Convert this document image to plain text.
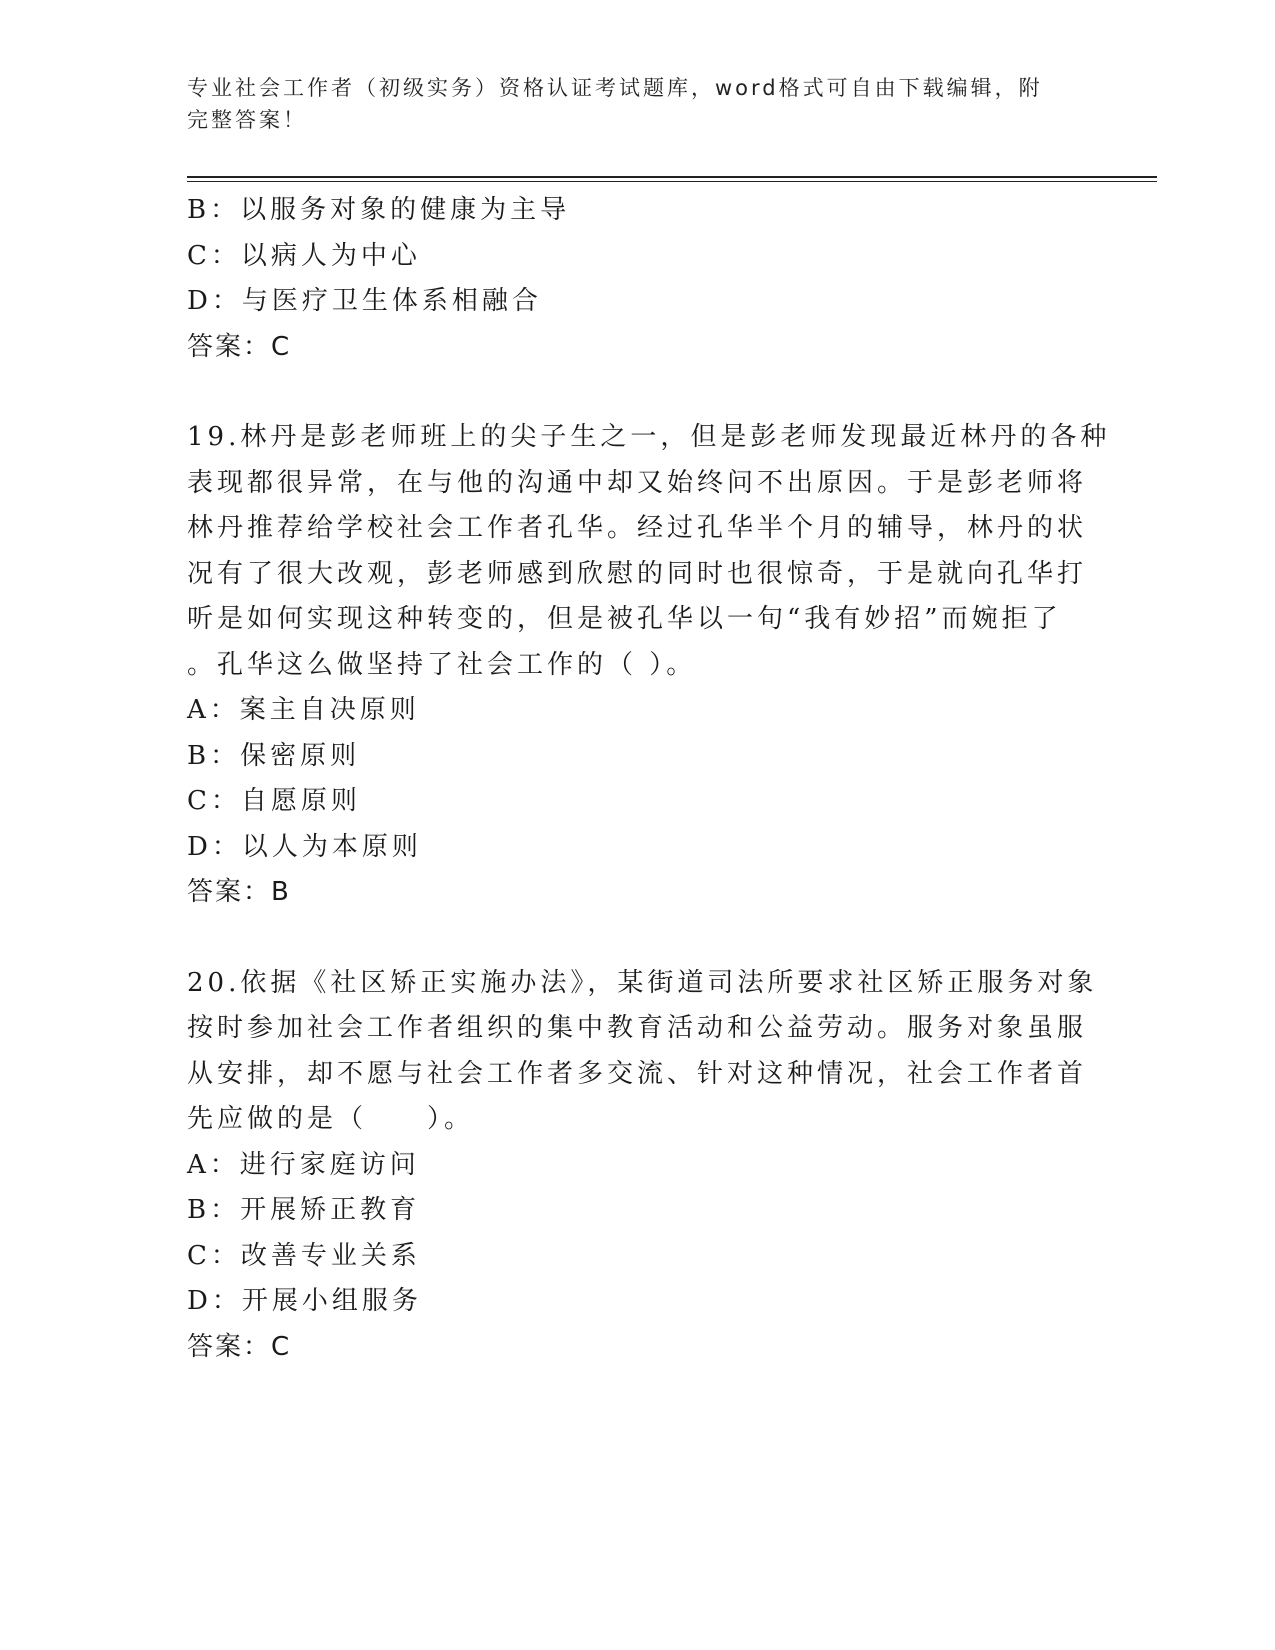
专业社会工作者（初级实务）资格认证考试题库，word格式可自由下载编辑，附
完整答案！
B：以服务对象的健康为主导
C：以病人为中心
D：与医疗卫生体系相融合
答案：C
19.林丹是彭老师班上的尖子生之一，但是彭老师发现最近林丹的各种
表现都很异常，在与他的沟通中却又始终问不出原因。于是彭老师将
林丹推荐给学校社会工作者孔华。经过孔华半个月的辅导，林丹的状
况有了很大改观，彭老师感到欣慰的同时也很惊奇，于是就向孔华打
听是如何实现这种转变的，但是被孔华以一句“我有妙招”而婉拒了
。孔华这么做坚持了社会工作的（ ）。
A：案主自决原则
B：保密原则
C：自愿原则
D：以人为本原则
答案：B
20.依据《社区矫正实施办法》，某街道司法所要求社区矫正服务对象
按时参加社会工作者组织的集中教育活动和公益劳动。服务对象虽服
从安排，却不愿与社会工作者多交流、针对这种情况，社会工作者首
先应做的是（　　）。
A：进行家庭访问
B：开展矫正教育
C：改善专业关系
D：开展小组服务
答案：C
